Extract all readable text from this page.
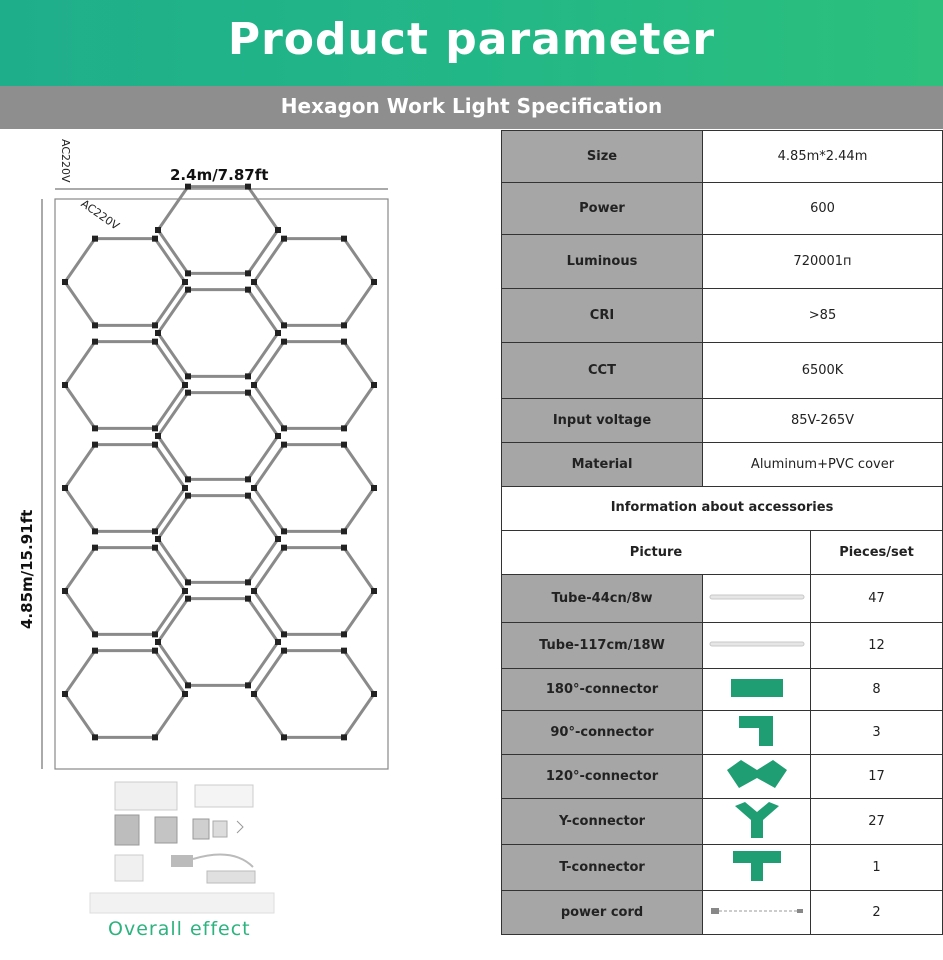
Product parameter
Hexagon Work Light Specification
2.4m/7.87ft
4.85m/15.91ft
AC220V
AC220V
Overall effect
Size	4.85m*2.44m
Power	600
Luminous	720001п
CRI	>85
CCT	6500K
Input voltage	85V-265V
Material	Aluminum+PVC cover
Information about accessories
Picture		Pieces/set
Tube-44cn/8w		47
Tube-117cm/18W		12
180°-connector		8
90°-connector		3
120°-connector		17
Y-connector		27
T-connector		1
power cord		2
